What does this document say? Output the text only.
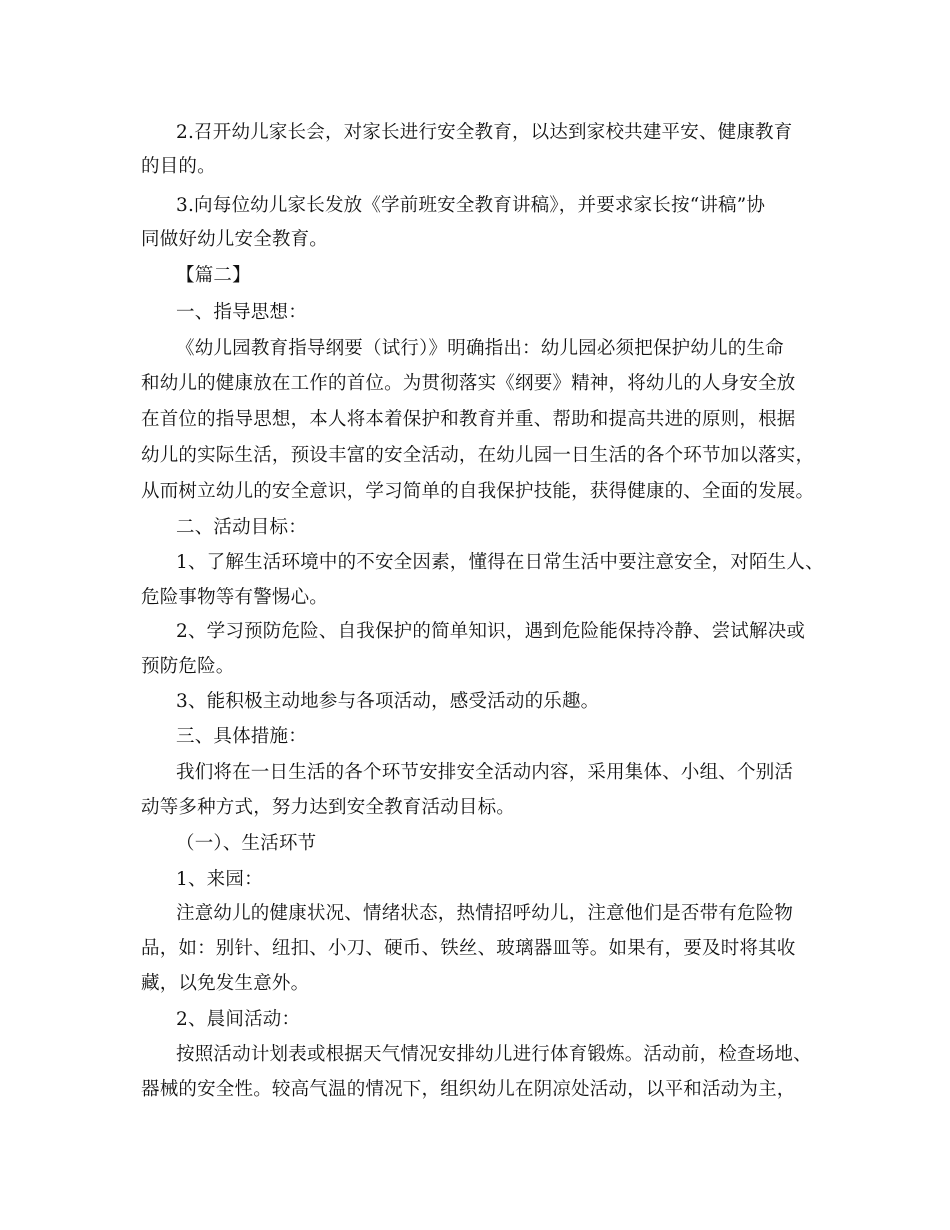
2.召开幼儿家长会，对家长进行安全教育，以达到家校共建平安、健康教育
的目的。
3.向每位幼儿家长发放《学前班安全教育讲稿》，并要求家长按“讲稿”协
同做好幼儿安全教育。
【篇二】
一、指导思想：
《幼儿园教育指导纲要（试行）》明确指出：幼儿园必须把保护幼儿的生命
和幼儿的健康放在工作的首位。为贯彻落实《纲要》精神，将幼儿的人身安全放
在首位的指导思想，本人将本着保护和教育并重、帮助和提高共进的原则，根据
幼儿的实际生活，预设丰富的安全活动，在幼儿园一日生活的各个环节加以落实，
从而树立幼儿的安全意识，学习简单的自我保护技能，获得健康的、全面的发展。
二、活动目标：
1、了解生活环境中的不安全因素，懂得在日常生活中要注意安全，对陌生人、
危险事物等有警惕心。
2、学习预防危险、自我保护的简单知识，遇到危险能保持冷静、尝试解决或
预防危险。
3、能积极主动地参与各项活动，感受活动的乐趣。
三、具体措施：
我们将在一日生活的各个环节安排安全活动内容，采用集体、小组、个别活
动等多种方式，努力达到安全教育活动目标。
（一）、生活环节
1、来园：
注意幼儿的健康状况、情绪状态，热情招呼幼儿，注意他们是否带有危险物
品，如：别针、纽扣、小刀、硬币、铁丝、玻璃器皿等。如果有，要及时将其收
藏，以免发生意外。
2、晨间活动：
按照活动计划表或根据天气情况安排幼儿进行体育锻炼。活动前，检查场地、
器械的安全性。较高气温的情况下，组织幼儿在阴凉处活动，以平和活动为主，
